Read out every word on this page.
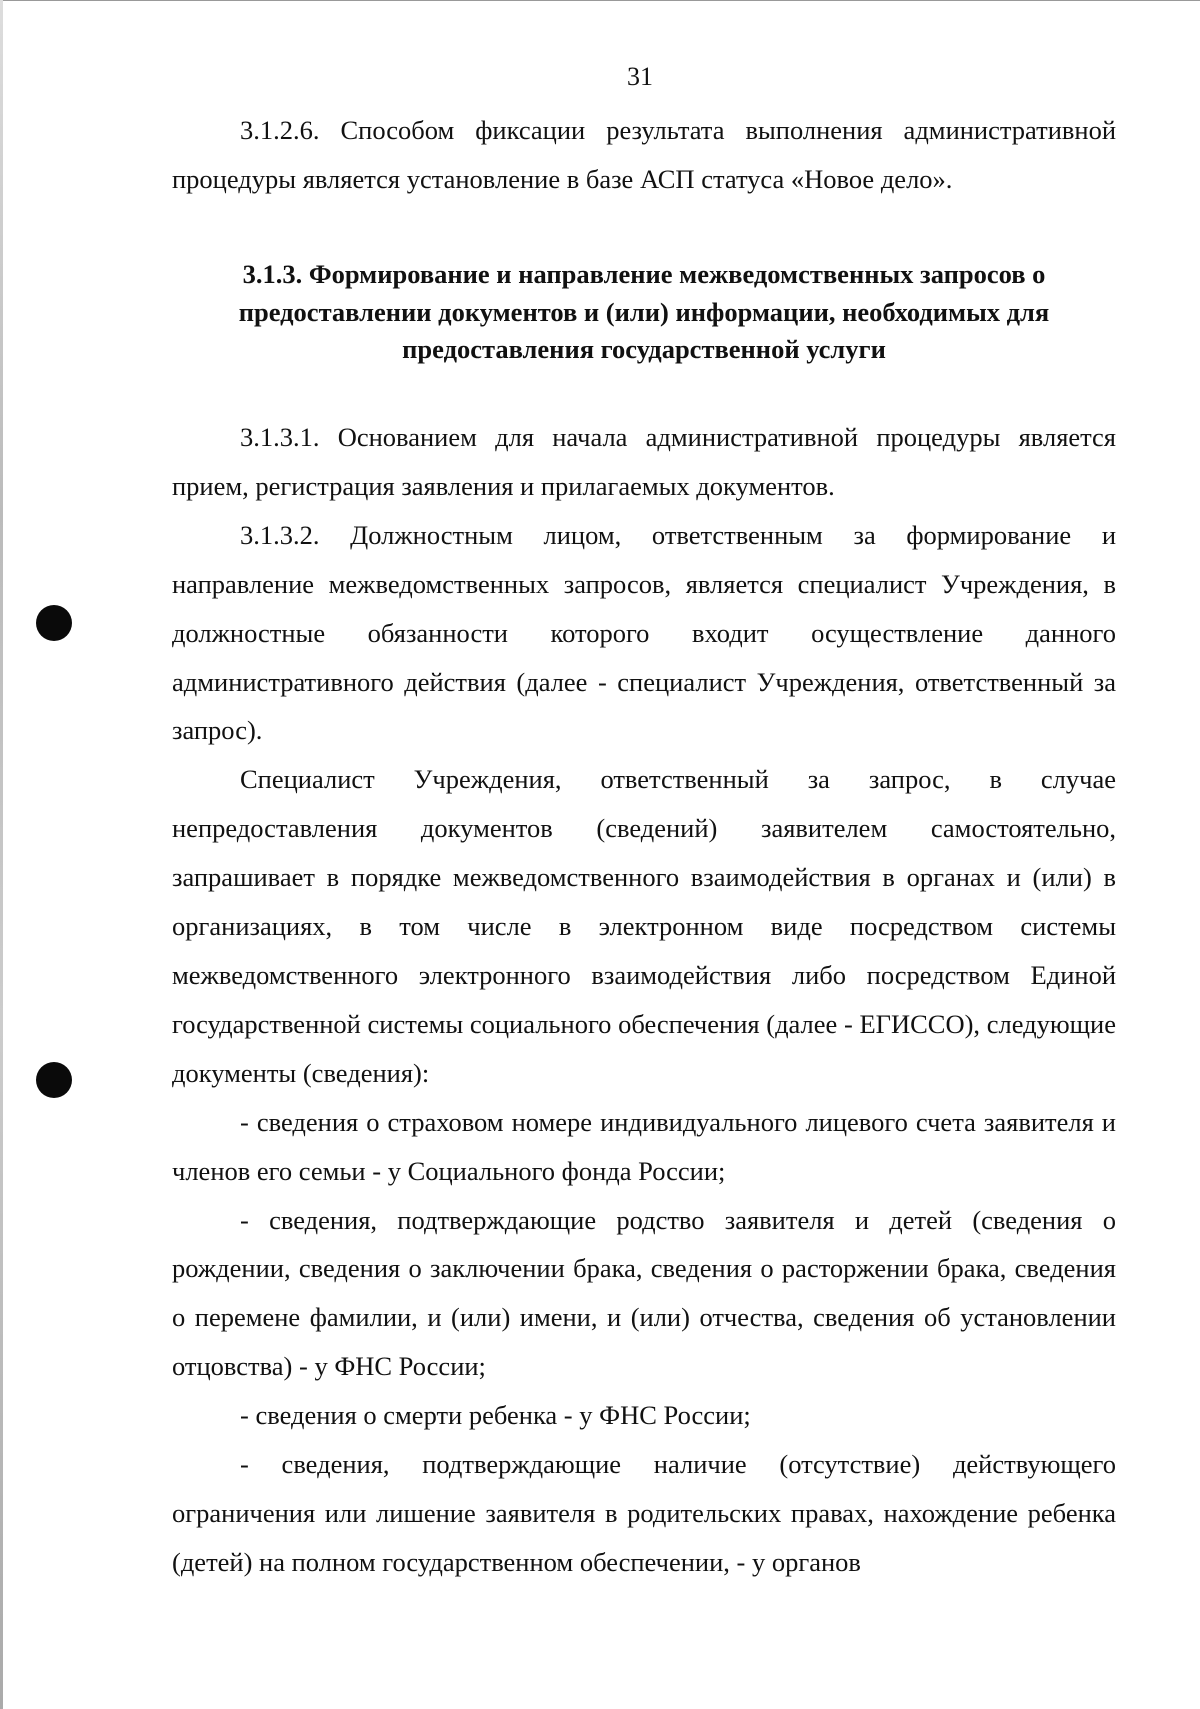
31

3.1.2.6. Способом фиксации результата выполнения административной процедуры является установление в базе АСП статуса «Новое дело».

3.1.3. Формирование и направление межведомственных запросов о предоставлении документов и (или) информации, необходимых для предоставления государственной услуги

3.1.3.1. Основанием для начала административной процедуры является прием, регистрация заявления и прилагаемых документов.

3.1.3.2. Должностным лицом, ответственным за формирование и направление межведомственных запросов, является специалист Учреждения, в должностные обязанности которого входит осуществление данного административного действия (далее - специалист Учреждения, ответственный за запрос).

Специалист Учреждения, ответственный за запрос, в случае непредоставления документов (сведений) заявителем самостоятельно, запрашивает в порядке межведомственного взаимодействия в органах и (или) в организациях, в том числе в электронном виде посредством системы межведомственного электронного взаимодействия либо посредством Единой государственной системы социального обеспечения (далее - ЕГИССО), следующие документы (сведения):

- сведения о страховом номере индивидуального лицевого счета заявителя и членов его семьи - у Социального фонда России;

- сведения, подтверждающие родство заявителя и детей (сведения о рождении, сведения о заключении брака, сведения о расторжении брака, сведения о перемене фамилии, и (или) имени, и (или) отчества, сведения об установлении отцовства) - у ФНС России;

- сведения о смерти ребенка - у ФНС России;

- сведения, подтверждающие наличие (отсутствие) действующего ограничения или лишение заявителя в родительских правах, нахождение ребенка (детей) на полном государственном обеспечении, - у органов
